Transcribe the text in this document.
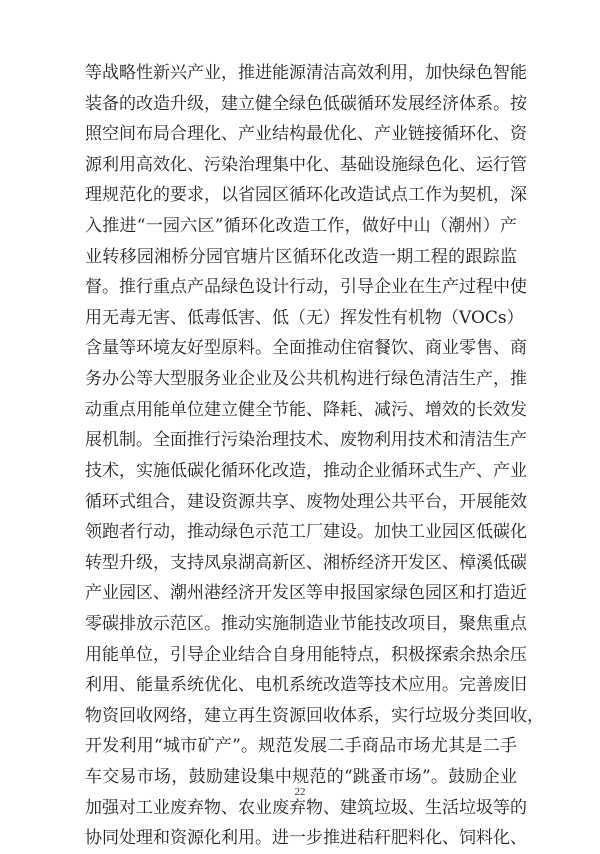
等战略性新兴产业，推进能源清洁高效利用，加快绿色智能
装备的改造升级，建立健全绿色低碳循环发展经济体系。按
照空间布局合理化、产业结构最优化、产业链接循环化、资
源利用高效化、污染治理集中化、基础设施绿色化、运行管
理规范化的要求，以省园区循环化改造试点工作为契机，深
入推进“一园六区”循环化改造工作，做好中山（潮州）产
业转移园湘桥分园官塘片区循环化改造一期工程的跟踪监
督。推行重点产品绿色设计行动，引导企业在生产过程中使
用无毒无害、低毒低害、低（无）挥发性有机物（VOCs）
含量等环境友好型原料。全面推动住宿餐饮、商业零售、商
务办公等大型服务业企业及公共机构进行绿色清洁生产，推
动重点用能单位建立健全节能、降耗、减污、增效的长效发
展机制。全面推行污染治理技术、废物利用技术和清洁生产
技术，实施低碳化循环化改造，推动企业循环式生产、产业
循环式组合，建设资源共享、废物处理公共平台，开展能效
领跑者行动，推动绿色示范工厂建设。加快工业园区低碳化
转型升级，支持凤泉湖高新区、湘桥经济开发区、樟溪低碳
产业园区、潮州港经济开发区等申报国家绿色园区和打造近
零碳排放示范区。推动实施制造业节能技改项目，聚焦重点
用能单位，引导企业结合自身用能特点，积极探索余热余压
利用、能量系统优化、电机系统改造等技术应用。完善废旧
物资回收网络，建立再生资源回收体系，实行垃圾分类回收，
开发利用“城市矿产”。规范发展二手商品市场尤其是二手
车交易市场，鼓励建设集中规范的“跳蚤市场”。鼓励企业
加强对工业废弃物、农业废弃物、建筑垃圾、生活垃圾等的
协同处理和资源化利用。进一步推进秸秆肥料化、饲料化、
22
